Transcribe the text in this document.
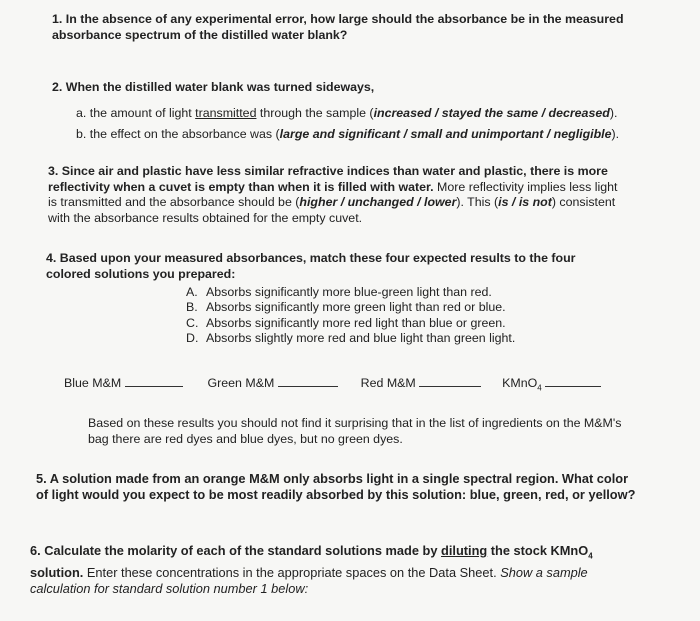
1. In the absence of any experimental error, how large should the absorbance be in the measured
absorbance spectrum of the distilled water blank?
2. When the distilled water blank was turned sideways,
a. the amount of light transmitted through the sample (increased / stayed the same / decreased).
b. the effect on the absorbance was (large and significant / small and unimportant / negligible).
3. Since air and plastic have less similar refractive indices than water and plastic, there is more
reflectivity when a cuvet is empty than when it is filled with water. More reflectivity implies less light
is transmitted and the absorbance should be (higher / unchanged / lower). This (is / is not) consistent
with the absorbance results obtained for the empty cuvet.
4. Based upon your measured absorbances, match these four expected results to the four
colored solutions you prepared:
A. Absorbs significantly more blue-green light than red.
B. Absorbs significantly more green light than red or blue.
C. Absorbs significantly more red light than blue or green.
D. Absorbs slightly more red and blue light than green light.
Blue M&M	Green M&M	Red M&M	KMnO$_4$
Based on these results you should not find it surprising that in the list of ingredients on the M&M's
bag there are red dyes and blue dyes, but no green dyes.
5. A solution made from an orange M&M only absorbs light in a single spectral region. What color
of light would you expect to be most readily absorbed by this solution: blue, green, red, or yellow?
6. Calculate the molarity of each of the standard solutions made by diluting the stock KMnO$_4$
solution. Enter these concentrations in the appropriate spaces on the Data Sheet. Show a sample
calculation for standard solution number 1 below:
